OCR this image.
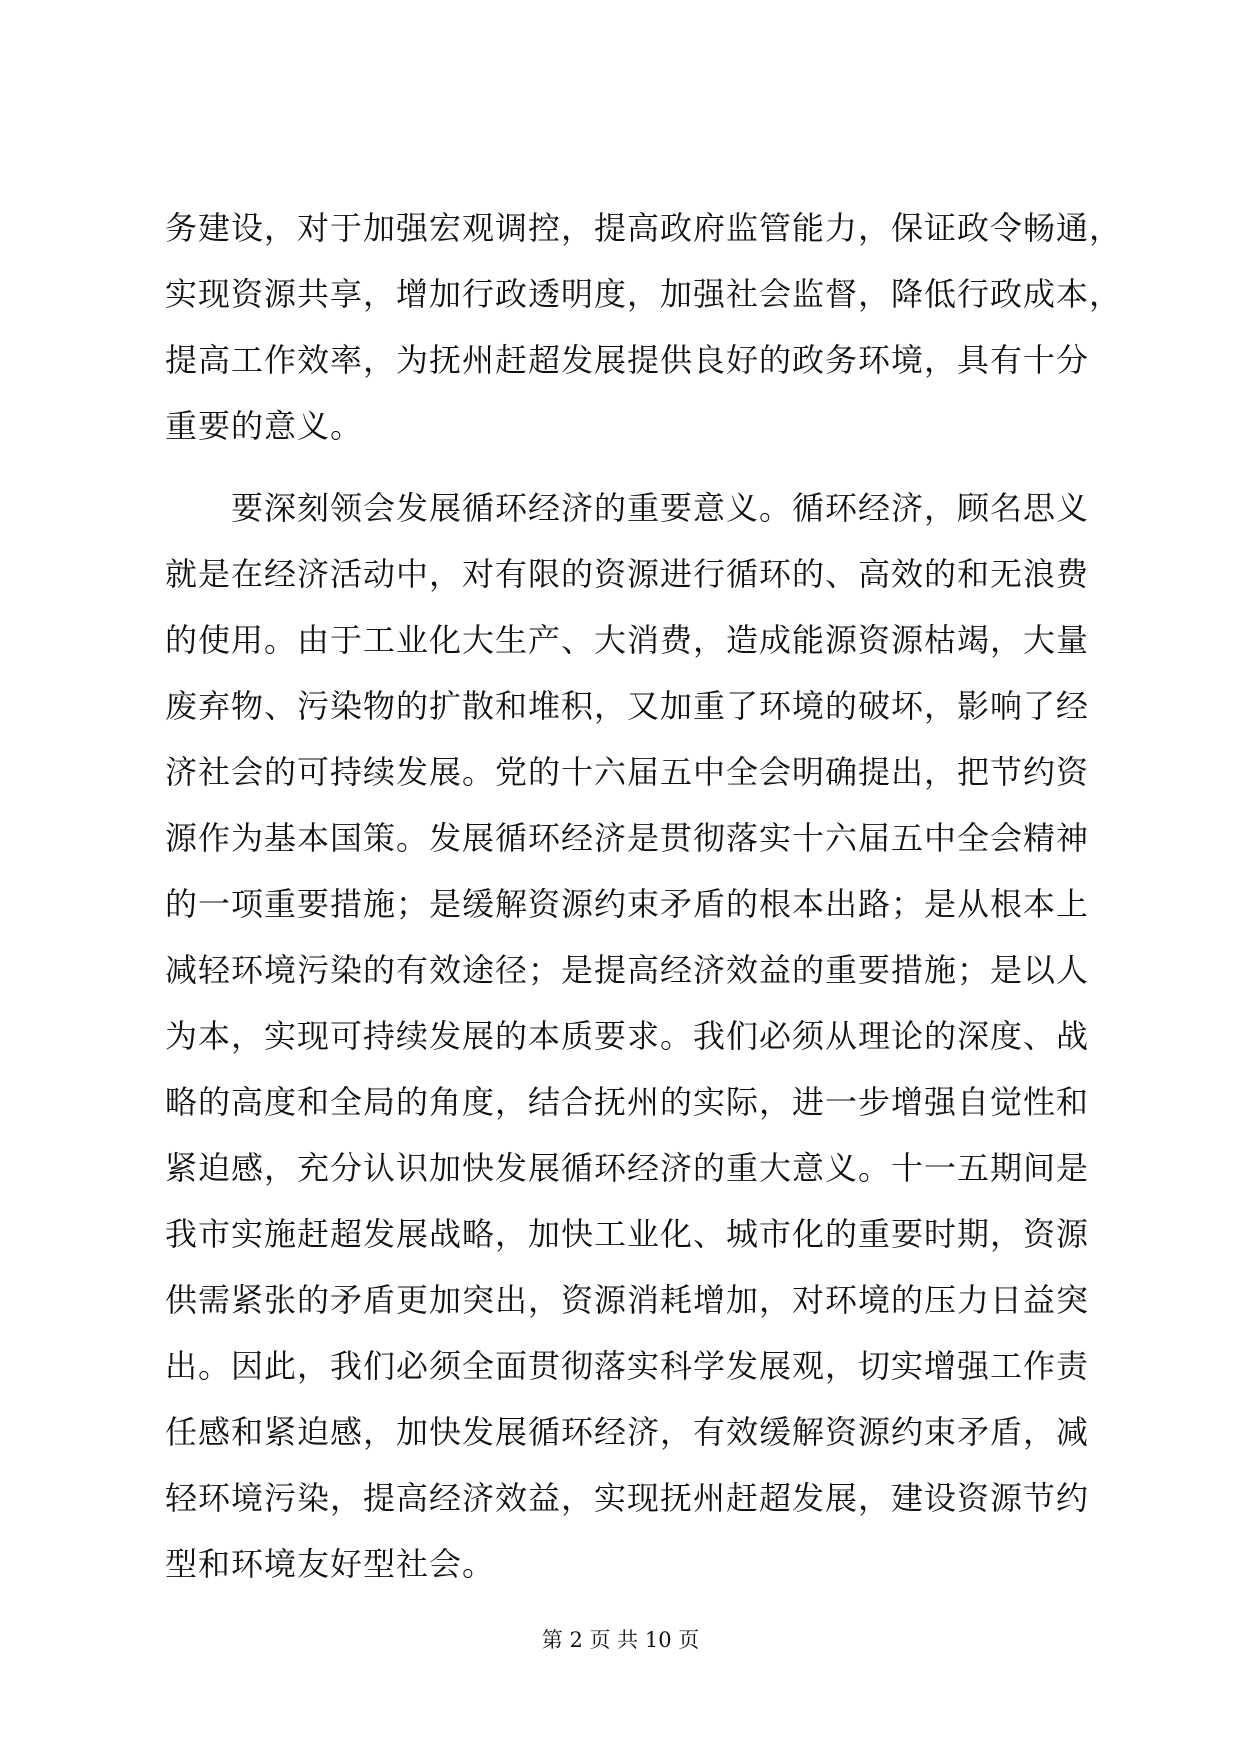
务建设，对于加强宏观调控，提高政府监管能力，保证政令畅通，
实现资源共享，增加行政透明度，加强社会监督，降低行政成本，
提高工作效率，为抚州赶超发展提供良好的政务环境，具有十分
重要的意义。
　　要深刻领会发展循环经济的重要意义。循环经济，顾名思义
就是在经济活动中，对有限的资源进行循环的、高效的和无浪费
的使用。由于工业化大生产、大消费，造成能源资源枯竭，大量
废弃物、污染物的扩散和堆积，又加重了环境的破坏，影响了经
济社会的可持续发展。党的十六届五中全会明确提出，把节约资
源作为基本国策。发展循环经济是贯彻落实十六届五中全会精神
的一项重要措施；是缓解资源约束矛盾的根本出路；是从根本上
减轻环境污染的有效途径；是提高经济效益的重要措施；是以人
为本，实现可持续发展的本质要求。我们必须从理论的深度、战
略的高度和全局的角度，结合抚州的实际，进一步增强自觉性和
紧迫感，充分认识加快发展循环经济的重大意义。十一五期间是
我市实施赶超发展战略，加快工业化、城市化的重要时期，资源
供需紧张的矛盾更加突出，资源消耗增加，对环境的压力日益突
出。因此，我们必须全面贯彻落实科学发展观，切实增强工作责
任感和紧迫感，加快发展循环经济，有效缓解资源约束矛盾，减
轻环境污染，提高经济效益，实现抚州赶超发展，建设资源节约
型和环境友好型社会。
第 2 页 共 10 页
